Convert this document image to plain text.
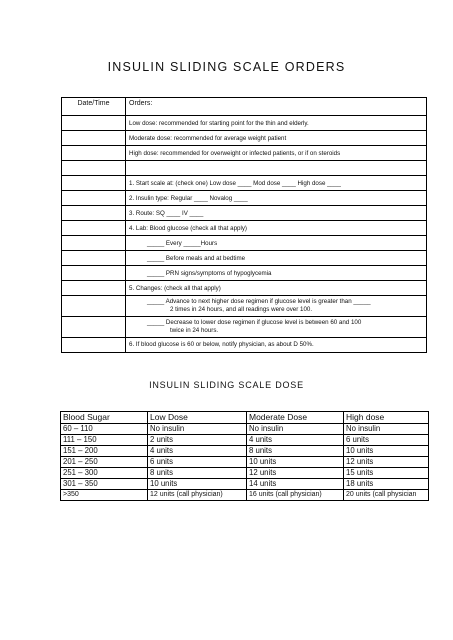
INSULIN SLIDING SCALE ORDERS
Date/Time	Orders:

	Low dose: recommended for starting point for the thin and elderly.

	Moderate dose: recommended for average weight patient

	High dose: recommended for overweight or infected patients, or if on steroids

	1. Start scale at: (check one) Low dose ____ Mod dose ____ High dose ____

	2. Insulin type: Regular ____ Novalog ____

	3. Route: SQ ____ IV ____

	4. Lab: Blood glucose (check all that apply)

	_____ Every _____Hours

	_____ Before meals and at bedtime

	_____ PRN signs/symptoms of hypoglycemia

	5. Changes: (check all that apply)

	_____ Advance to next higher dose regimen if glucose level is greater than _____
2 times in 24 hours, and all readings were over 100.

	_____ Decrease to lower dose regimen if glucose level is between 60 and 100
twice in 24 hours.

	6. If blood glucose is 60 or below, notify physician, as about D 50%.
INSULIN SLIDING SCALE DOSE
Blood Sugar	Low Dose	Moderate Dose	High dose
60 – 110	No insulin	No insulin	No insulin
111 – 150	2 units	4 units	6 units
151 – 200	4 units	8 units	10 units
201 – 250	6 units	10 units	12 units
251 – 300	8 units	12 units	15 units
301 – 350	10 units	14 units	18 units
>350	12 units (call physician)	16 units (call physician)	20 units (call physician
